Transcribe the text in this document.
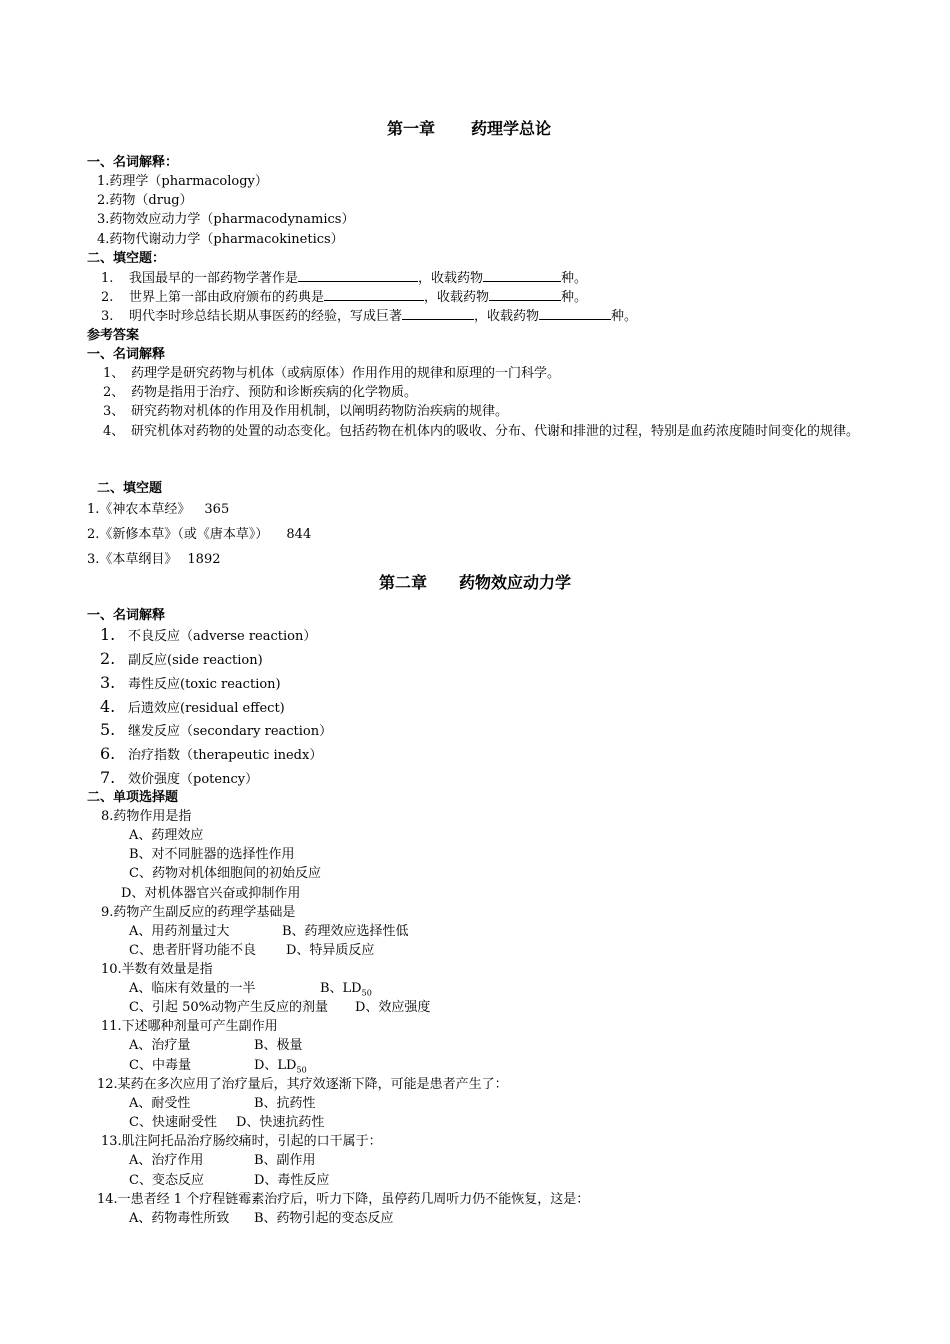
第一章 药理学总论
一、名词解释：
1.药理学（pharmacology）
2.药物（drug）
3.药物效应动力学（pharmacodynamics）
4.药物代谢动力学（pharmacokinetics）
二、填空题：
1. 我国最早的一部药物学著作是	，收载药物	种。
2. 世界上第一部由政府颁布的药典是	，收载药物	种。
3. 明代李时珍总结长期从事医药的经验，写成巨著	，收载药物	种。
参考答案
一、名词解释
1、 药理学是研究药物与机体（或病原体）作用作用的规律和原理的一门科学。
2、 药物是指用于治疗、预防和诊断疾病的化学物质。
3、 研究药物对机体的作用及作用机制，以阐明药物防治疾病的规律。
4、 研究机体对药物的处置的动态变化。包括药物在机体内的吸收、分布、代谢和排泄的过程，特别是血药浓度随时间变化的规律。
二、填空题
1.《神农本草经》 365
2.《新修本草》（或《唐本草》） 844
3.《本草纲目》 1892
第二章 药物效应动力学
一、名词解释
1. 不良反应（adverse reaction）
2. 副反应(side reaction)
3. 毒性反应(toxic reaction)
4. 后遗效应(residual effect)
5. 继发反应（secondary reaction）
6. 治疗指数（therapeutic inedx）
7. 效价强度（potency）
二、单项选择题
8.药物作用是指
A、药理效应
B、对不同脏器的选择性作用
C、药物对机体细胞间的初始反应
D、对机体器官兴奋或抑制作用
9.药物产生副反应的药理学基础是
A、用药剂量过大	B、药理效应选择性低
C、患者肝肾功能不良 D、特异质反应
10.半数有效量是指
A、临床有效量的一半	B、$LD_{50}$
C、引起 50%动物产生反应的剂量 D、效应强度
11.下述哪种剂量可产生副作用
A、治疗量	B、极量
C、中毒量	D、$LD_{50}$
12.某药在多次应用了治疗量后，其疗效逐渐下降，可能是患者产生了：
A、耐受性	B、抗药性
C、快速耐受性 D、快速抗药性
13.肌注阿托品治疗肠绞痛时，引起的口干属于：
A、治疗作用	B、副作用
C、变态反应	D、毒性反应
14.一患者经 1 个疗程链霉素治疗后，听力下降，虽停药几周听力仍不能恢复，这是：
A、药物毒性所致 B、药物引起的变态反应
